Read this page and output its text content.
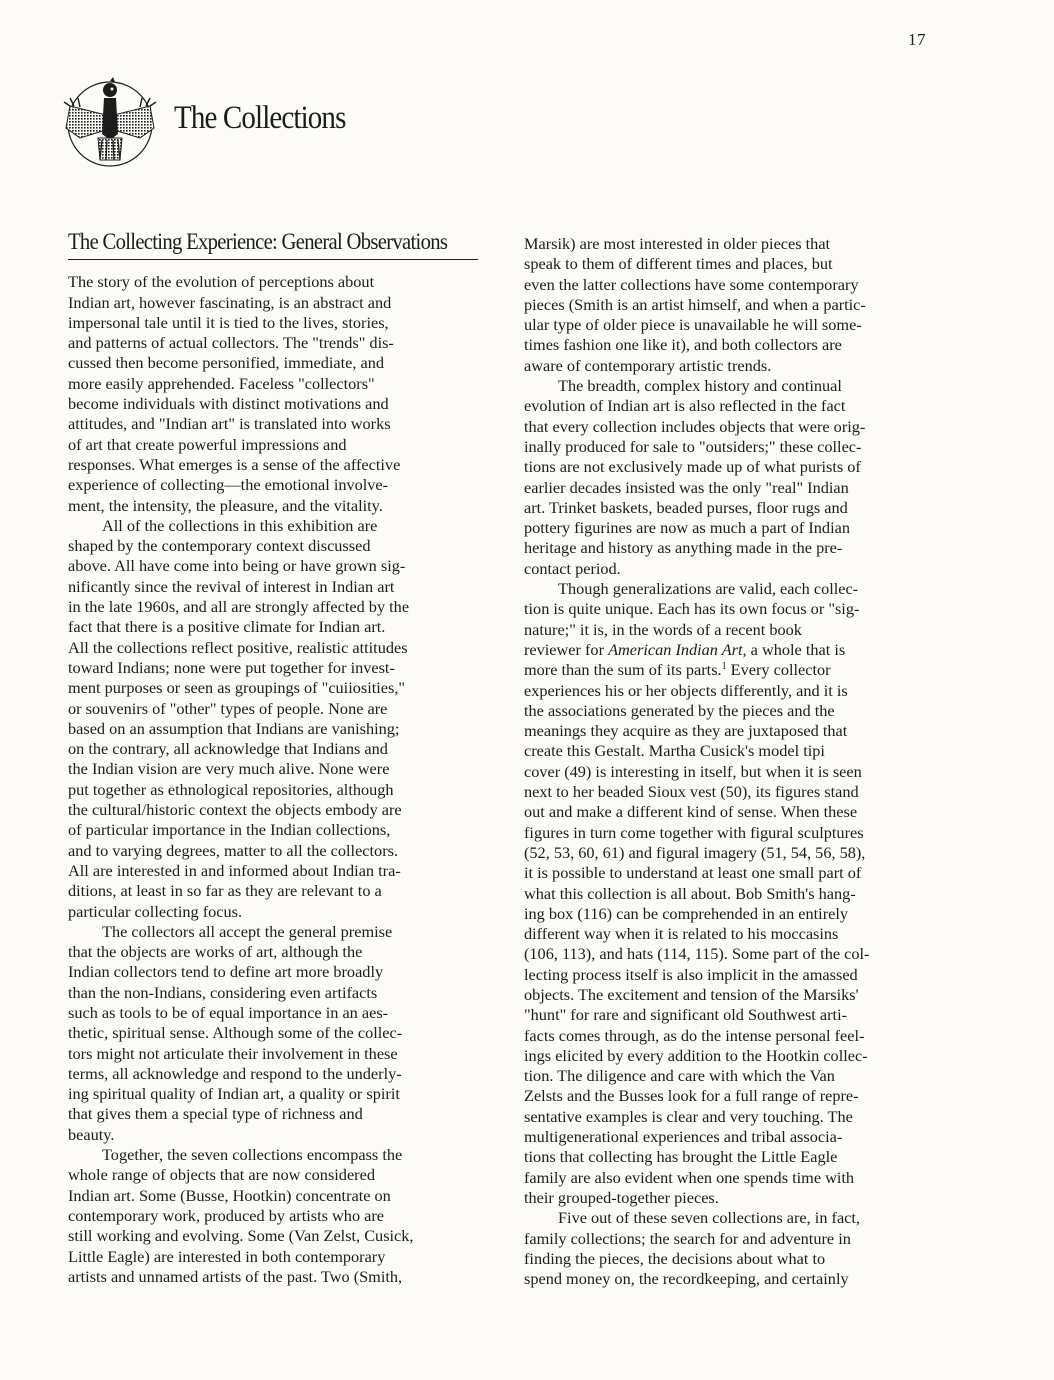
17
The Collections
The Collecting Experience: General Observations

The story of the evolution of perceptions about
Indian art, however fascinating, is an abstract and
impersonal tale until it is tied to the lives, stories,
and patterns of actual collectors. The "trends" dis-
cussed then become personified, immediate, and
more easily apprehended. Faceless "collectors"
become individuals with distinct motivations and
attitudes, and "Indian art" is translated into works
of art that create powerful impressions and
responses. What emerges is a sense of the affective
experience of collecting—the emotional involve-
ment, the intensity, the pleasure, and the vitality.

All of the collections in this exhibition are
shaped by the contemporary context discussed
above. All have come into being or have grown sig-
nificantly since the revival of interest in Indian art
in the late 1960s, and all are strongly affected by the
fact that there is a positive climate for Indian art.
All the collections reflect positive, realistic attitudes
toward Indians; none were put together for invest-
ment purposes or seen as groupings of "cuiiosities,"
or souvenirs of "other" types of people. None are
based on an assumption that Indians are vanishing;
on the contrary, all acknowledge that Indians and
the Indian vision are very much alive. None were
put together as ethnological repositories, although
the cultural/historic context the objects embody are
of particular importance in the Indian collections,
and to varying degrees, matter to all the collectors.
All are interested in and informed about Indian tra-
ditions, at least in so far as they are relevant to a
particular collecting focus.

The collectors all accept the general premise
that the objects are works of art, although the
Indian collectors tend to define art more broadly
than the non-Indians, considering even artifacts
such as tools to be of equal importance in an aes-
thetic, spiritual sense. Although some of the collec-
tors might not articulate their involvement in these
terms, all acknowledge and respond to the underly-
ing spiritual quality of Indian art, a quality or spirit
that gives them a special type of richness and
beauty.

Together, the seven collections encompass the
whole range of objects that are now considered
Indian art. Some (Busse, Hootkin) concentrate on
contemporary work, produced by artists who are
still working and evolving. Some (Van Zelst, Cusick,
Little Eagle) are interested in both contemporary
artists and unnamed artists of the past. Two (Smith,

Marsik) are most interested in older pieces that
speak to them of different times and places, but
even the latter collections have some contemporary
pieces (Smith is an artist himself, and when a partic-
ular type of older piece is unavailable he will some-
times fashion one like it), and both collectors are
aware of contemporary artistic trends.

The breadth, complex history and continual
evolution of Indian art is also reflected in the fact
that every collection includes objects that were orig-
inally produced for sale to "outsiders;" these collec-
tions are not exclusively made up of what purists of
earlier decades insisted was the only "real" Indian
art. Trinket baskets, beaded purses, floor rugs and
pottery figurines are now as much a part of Indian
heritage and history as anything made in the pre-
contact period.

Though generalizations are valid, each collec-
tion is quite unique. Each has its own focus or "sig-
nature;" it is, in the words of a recent book
reviewer for American Indian Art, a whole that is
more than the sum of its parts.$^1$ Every collector
experiences his or her objects differently, and it is
the associations generated by the pieces and the
meanings they acquire as they are juxtaposed that
create this Gestalt. Martha Cusick's model tipi
cover (49) is interesting in itself, but when it is seen
next to her beaded Sioux vest (50), its figures stand
out and make a different kind of sense. When these
figures in turn come together with figural sculptures
(52, 53, 60, 61) and figural imagery (51, 54, 56, 58),
it is possible to understand at least one small part of
what this collection is all about. Bob Smith's hang-
ing box (116) can be comprehended in an entirely
different way when it is related to his moccasins
(106, 113), and hats (114, 115). Some part of the col-
lecting process itself is also implicit in the amassed
objects. The excitement and tension of the Marsiks'
"hunt" for rare and significant old Southwest arti-
facts comes through, as do the intense personal feel-
ings elicited by every addition to the Hootkin collec-
tion. The diligence and care with which the Van
Zelsts and the Busses look for a full range of repre-
sentative examples is clear and very touching. The
multigenerational experiences and tribal associa-
tions that collecting has brought the Little Eagle
family are also evident when one spends time with
their grouped-together pieces.

Five out of these seven collections are, in fact,
family collections; the search for and adventure in
finding the pieces, the decisions about what to
spend money on, the recordkeeping, and certainly
